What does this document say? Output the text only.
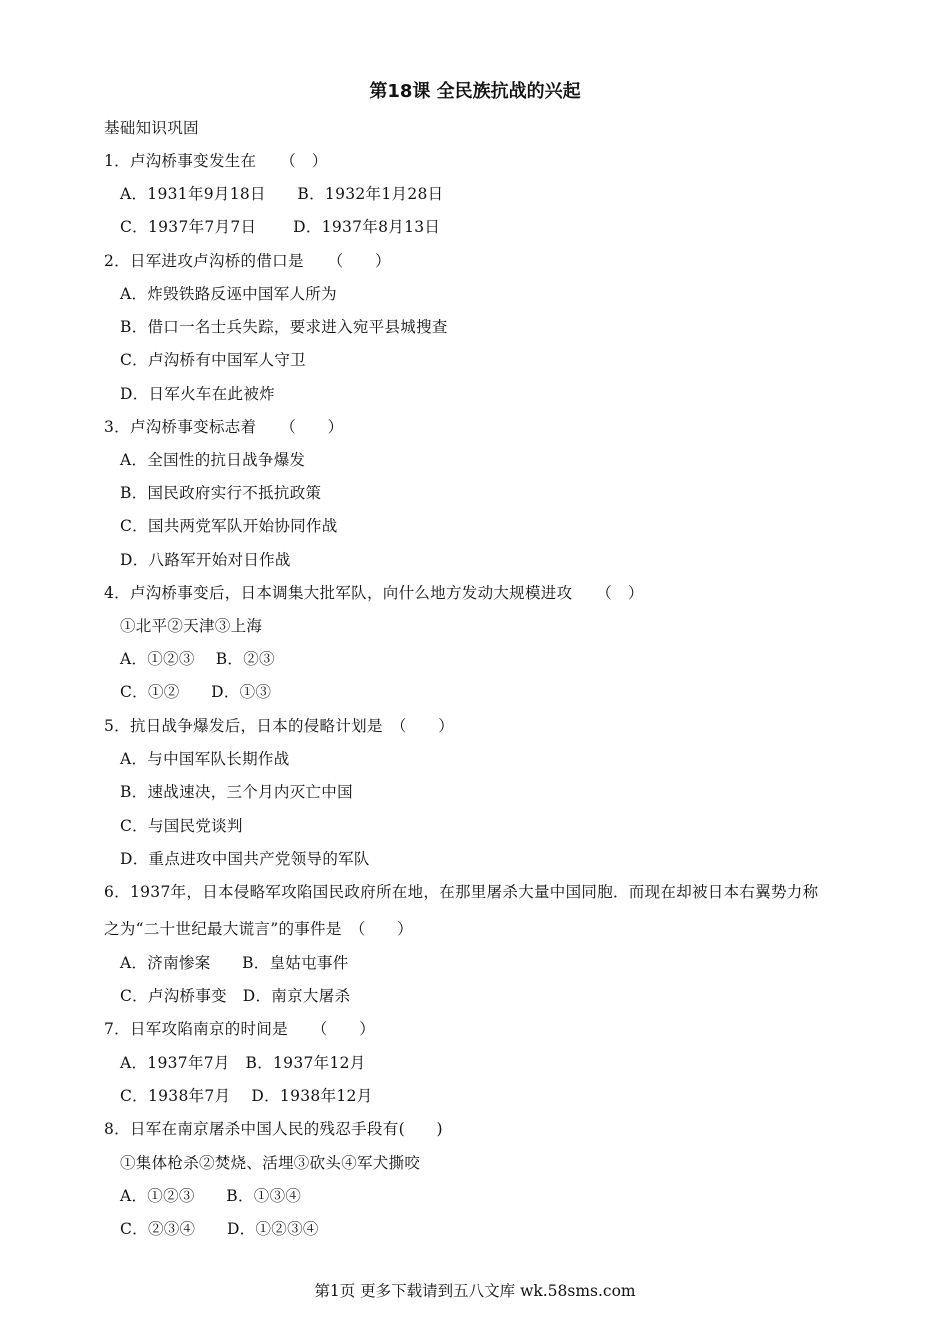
第18课 全民族抗战的兴起
基础知识巩固
1．卢沟桥事变发生在　　（　）
A．1931年9月18日　　B．1932年1月28日
C．1937年7月7日　　 D．1937年8月13日
2．日军进攻卢沟桥的借口是　　（　　）
A．炸毁铁路反诬中国军人所为
B．借口一名士兵失踪，要求进入宛平县城搜查
C．卢沟桥有中国军人守卫
D．日军火车在此被炸
3．卢沟桥事变标志着　　（　　）
A．全国性的抗日战争爆发
B．国民政府实行不抵抗政策
C．国共两党军队开始协同作战
D．八路军开始对日作战
4．卢沟桥事变后，日本调集大批军队，向什么地方发动大规模进攻　　（　）
①北平②天津③上海
A．①②③　 B．②③
C．①②　　D．①③
5．抗日战争爆发后，日本的侵略计划是　（　　）
A．与中国军队长期作战
B．速战速决，三个月内灭亡中国
C．与国民党谈判
D．重点进攻中国共产党领导的军队
6．1937年，日本侵略军攻陷国民政府所在地，在那里屠杀大量中国同胞．而现在却被日本右翼势力称
之为“二十世纪最大谎言”的事件是　（　　）
A．济南惨案　　B．皇姑屯事件
C．卢沟桥事变　D．南京大屠杀
7．日军攻陷南京的时间是　　（　　）
A．1937年7月　B．1937年12月
C．1938年7月　 D．1938年12月
8．日军在南京屠杀中国人民的残忍手段有(　　)
①集体枪杀②焚烧、活埋③砍头④军犬撕咬
A．①②③　　B．①③④
C．②③④　　D．①②③④
第1页 更多下载请到五八文库 wk.58sms.com
